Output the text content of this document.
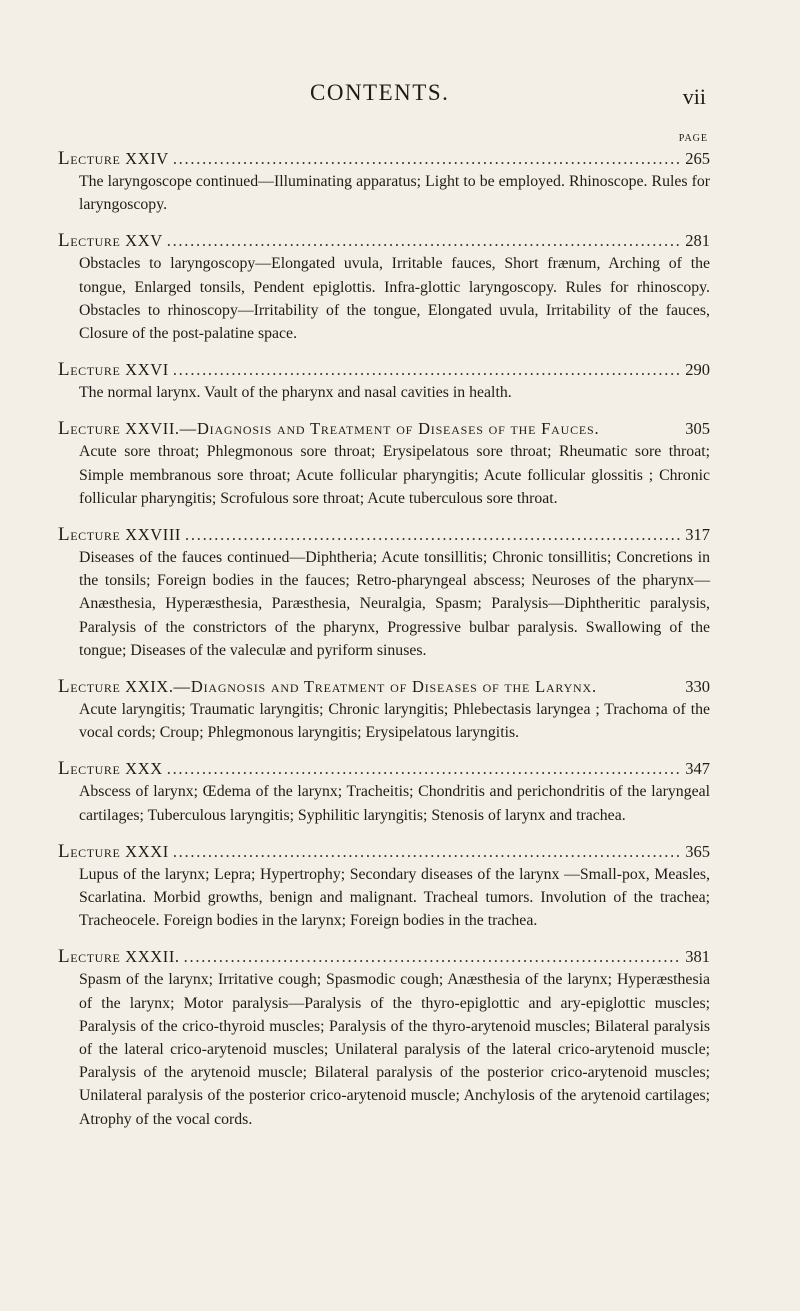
CONTENTS.	vii
PAGE
Lecture XXIV . . .	265
The laryngoscope continued—Illuminating apparatus; Light to be employed. Rhinoscope. Rules for laryngoscopy.
Lecture XXV . . .	281
Obstacles to laryngoscopy—Elongated uvula, Irritable fauces, Short frænum, Arching of the tongue, Enlarged tonsils, Pendent epiglottis. Infra-glottic laryngoscopy. Rules for rhinoscopy. Obstacles to rhinoscopy—Irritability of the tongue, Elongated uvula, Irritability of the fauces, Closure of the post-palatine space.
Lecture XXVI . . .	290
The normal larynx. Vault of the pharynx and nasal cavities in health.
Lecture XXVII. —Diagnosis and Treatment of Diseases of the Fauces.	305
Acute sore throat; Phlegmonous sore throat; Erysipelatous sore throat; Rheumatic sore throat; Simple membranous sore throat; Acute follicular pharyngitis; Acute follicular glossitis ; Chronic follicular pharyngitis; Scrofulous sore throat; Acute tuberculous sore throat.
Lecture XXVIII . . .	317
Diseases of the fauces continued—Diphtheria; Acute tonsillitis; Chronic tonsillitis; Concretions in the tonsils; Foreign bodies in the fauces; Retro-pharyngeal abscess; Neuroses of the pharynx—Anæsthesia, Hyperæsthesia, Paræsthesia, Neuralgia, Spasm; Paralysis—Diphtheritic paralysis, Paralysis of the constrictors of the pharynx, Progressive bulbar paralysis. Swallowing of the tongue; Diseases of the valeculæ and pyriform sinuses.
Lecture XXIX. —Diagnosis and Treatment of Diseases of the Larynx.	330
Acute laryngitis; Traumatic laryngitis; Chronic laryngitis; Phlebectasis laryngea ; Trachoma of the vocal cords; Croup; Phlegmonous laryngitis; Erysipelatous laryngitis.
Lecture XXX . . .	347
Abscess of larynx; Œdema of the larynx; Tracheitis; Chondritis and perichondritis of the laryngeal cartilages; Tuberculous laryngitis; Syphilitic laryngitis; Stenosis of larynx and trachea.
Lecture XXXI . . .	365
Lupus of the larynx; Lepra; Hypertrophy; Secondary diseases of the larynx —Small-pox, Measles, Scarlatina. Morbid growths, benign and malignant. Tracheal tumors. Involution of the trachea; Tracheocele. Foreign bodies in the larynx; Foreign bodies in the trachea.
Lecture XXXII. . . .	381
Spasm of the larynx; Irritative cough; Spasmodic cough; Anæsthesia of the larynx; Hyperæsthesia of the larynx; Motor paralysis—Paralysis of the thyro-epiglottic and ary-epiglottic muscles; Paralysis of the crico-thyroid muscles; Paralysis of the thyro-arytenoid muscles; Bilateral paralysis of the lateral crico-arytenoid muscles; Unilateral paralysis of the lateral crico-arytenoid muscle; Paralysis of the arytenoid muscle; Bilateral paralysis of the posterior crico-arytenoid muscles; Unilateral paralysis of the posterior crico-arytenoid muscle; Anchylosis of the arytenoid cartilages; Atrophy of the vocal cords.
